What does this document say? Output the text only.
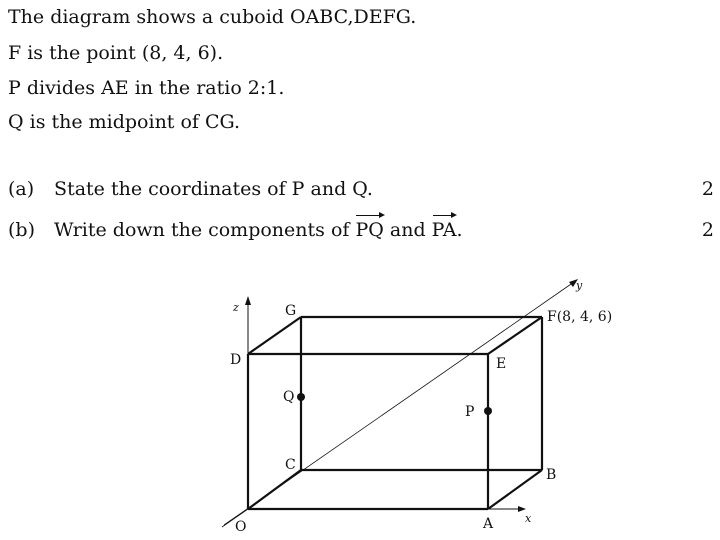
The diagram shows a cuboid OABC,DEFG.
F is the point (8, 4, 6).
P divides AE in the ratio 2:1.
Q is the midpoint of CG.
(a) State the coordinates of P and Q.	2
(b) Write down the components of PQ and PA.	2
z
y
x
O	A
B
C
D	E
F(8, 4, 6)
G
P
Q
